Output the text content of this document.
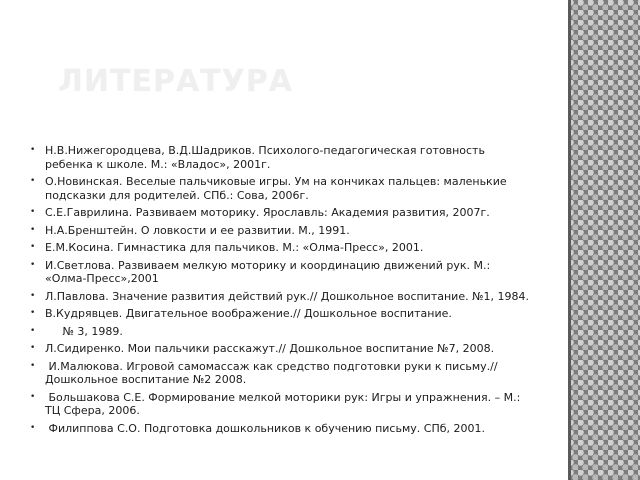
ЛИТЕРАТУРА
• Н.В.Нижегородцева, В.Д.Шадриков. Психолого-педагогическая готовность ребенка к школе. М.: «Владос», 2001г.
• О.Новинская. Веселые пальчиковые игры. Ум на кончиках пальцев: маленькие подсказки для родителей. СПб.: Сова, 2006г.
• С.Е.Гаврилина. Развиваем моторику. Ярославль: Академия развития, 2007г.
• Н.А.Бренштейн. О ловкости и ее развитии. М., 1991.
• Е.М.Косина. Гимнастика для пальчиков. М.: «Олма-Пресс», 2001.
• И.Светлова. Развиваем мелкую моторику и координацию движений рук. М.: «Олма-Пресс»,2001
• Л.Павлова. Значение развития действий рук.// Дошкольное воспитание. №1, 1984.
• В.Кудрявцев. Двигательное воображение.// Дошкольное воспитание.
• № 3, 1989.
• Л.Сидиренко. Мои пальчики расскажут.// Дошкольное воспитание №7, 2008.
• И.Малюкова. Игровой самомассаж как средство подготовки руки к письму.// Дошкольное воспитание №2 2008.
• Большакова С.Е. Формирование мелкой моторики рук: Игры и упражнения. – М.: ТЦ Сфера, 2006.
• Филиппова С.О. Подготовка дошкольников к обучению письму. СПб, 2001.
